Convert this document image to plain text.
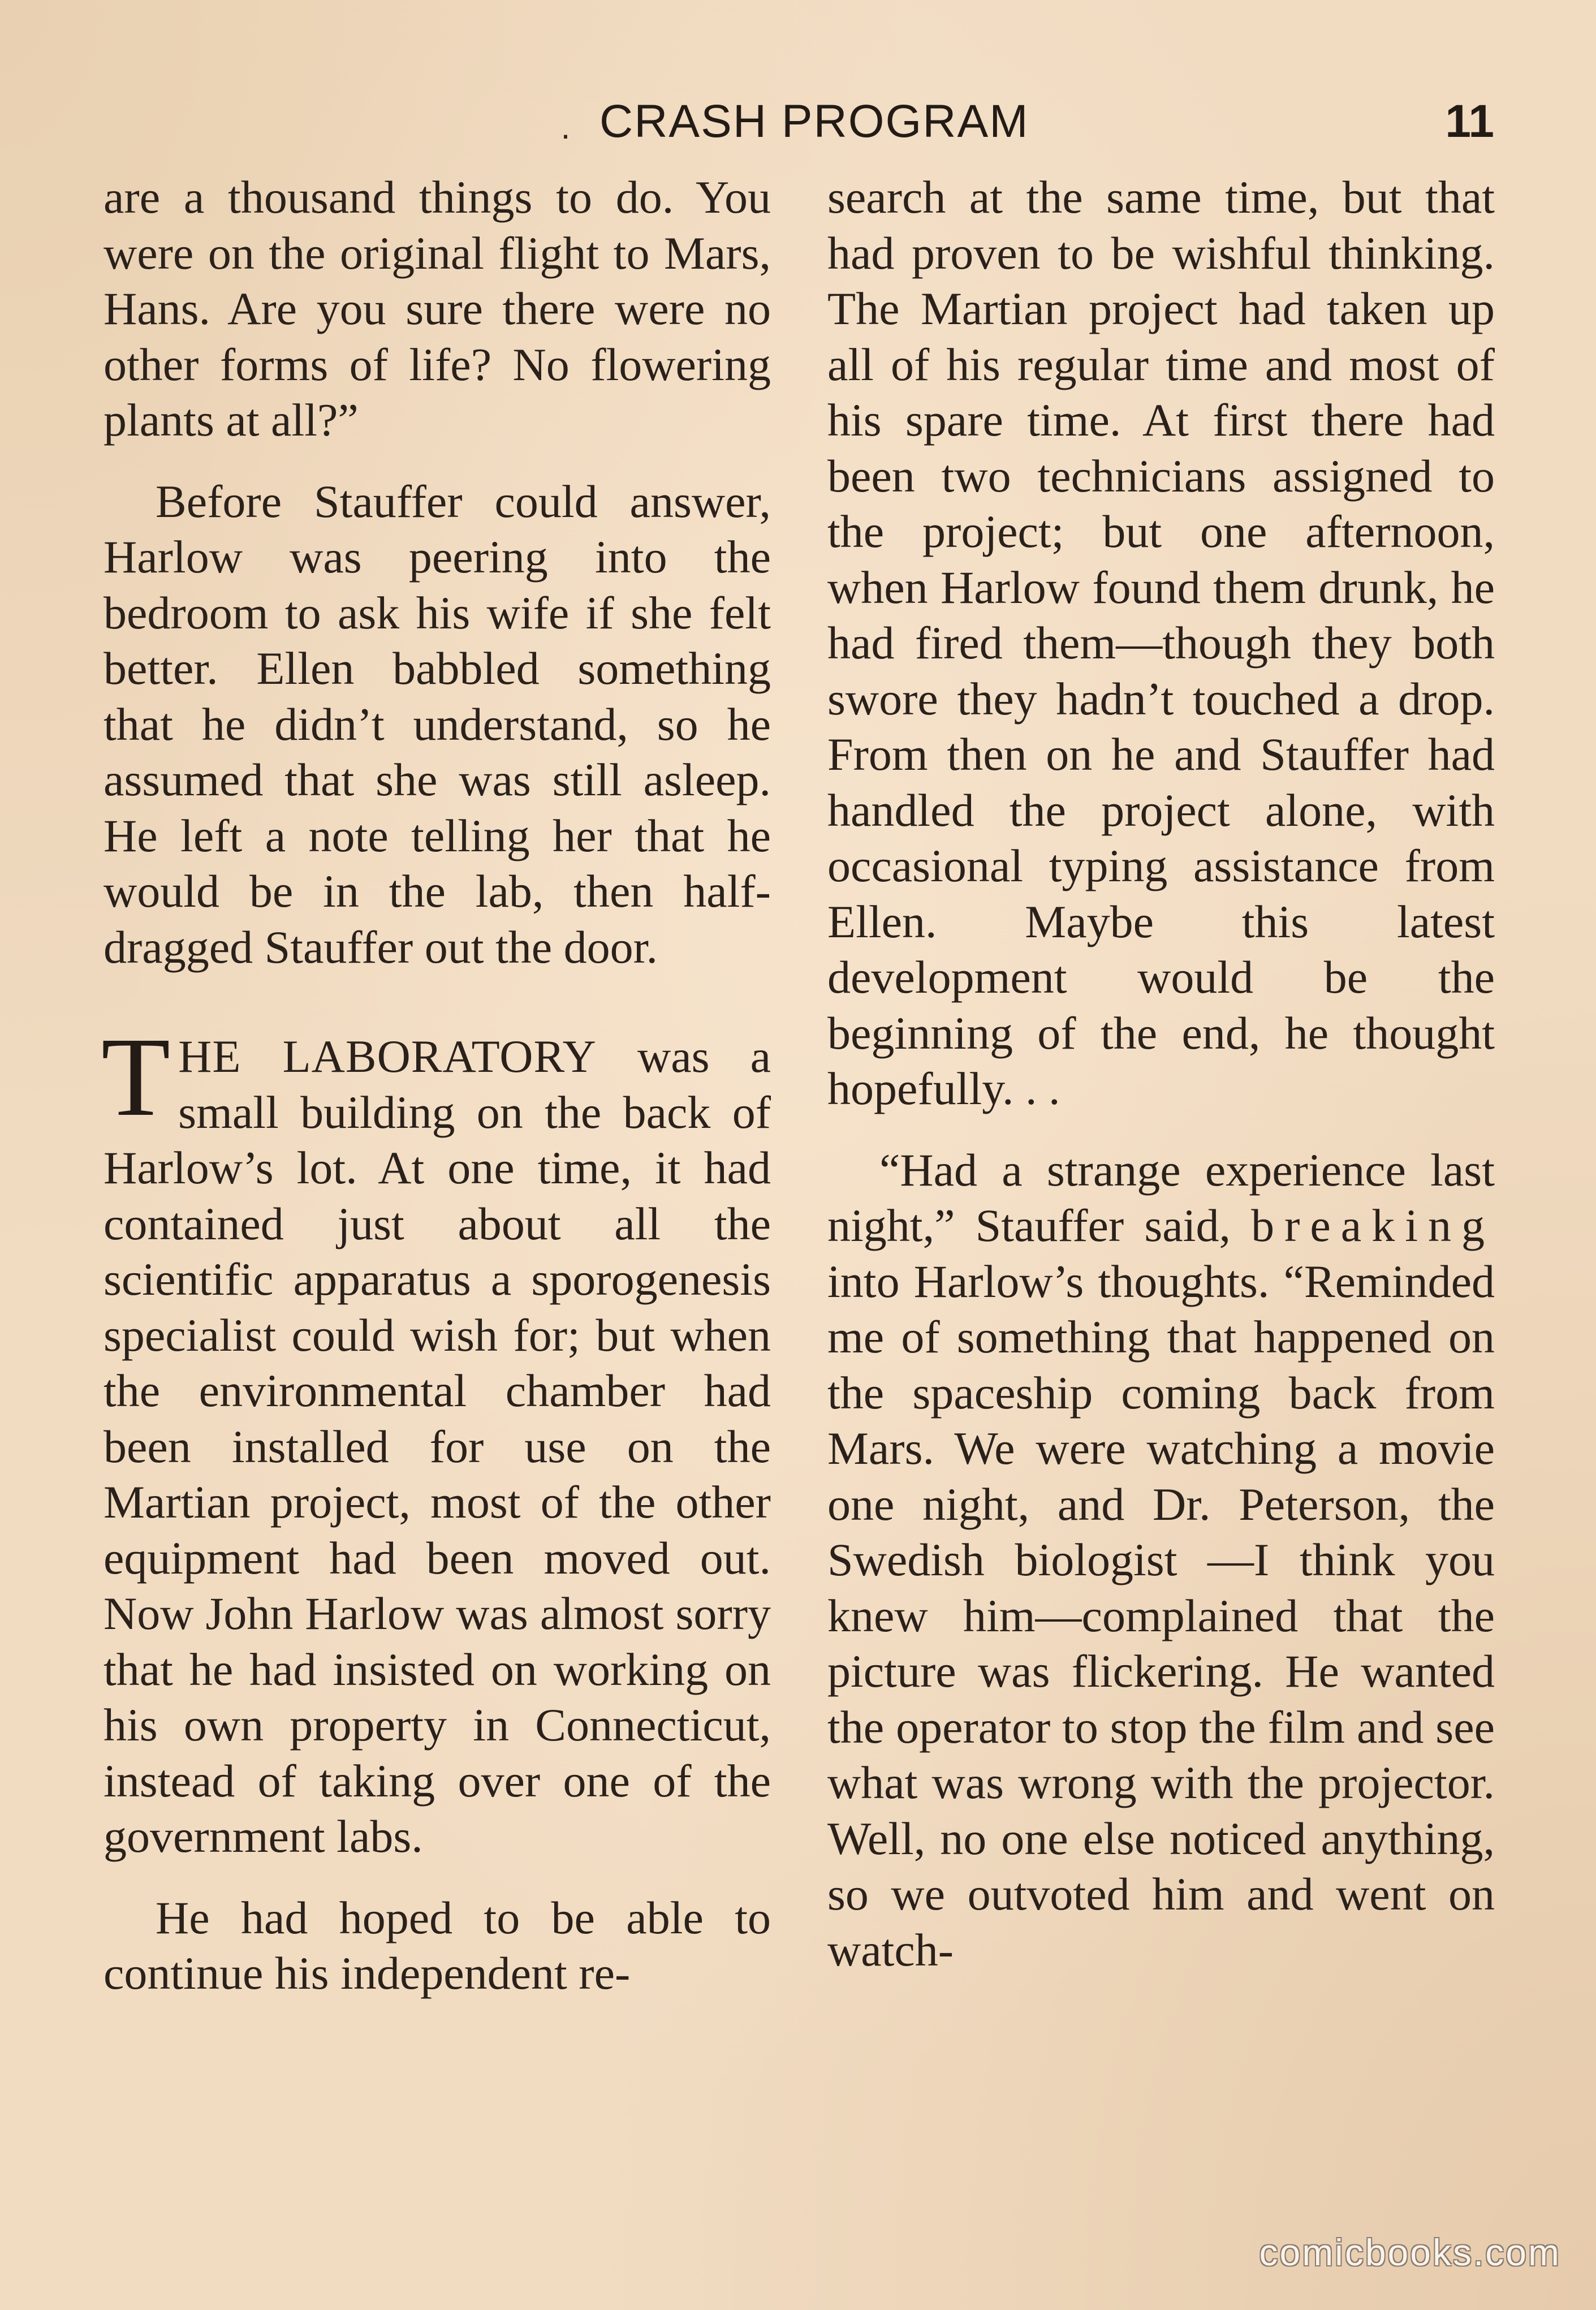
· CRASH PROGRAM	11

are a thousand things to do. You were on the original flight to Mars, Hans. Are you sure there were no other forms of life? No flowering plants at all?”

Before Stauffer could answer, Harlow was peering into the bedroom to ask his wife if she felt better. Ellen babbled something that he didn’t understand, so he assumed that she was still asleep. He left a note telling her that he would be in the lab, then half-dragged Stauffer out the door.

THE LABORATORY was a small building on the back of Harlow’s lot. At one time, it had contained just about all the scientific apparatus a sporogenesis specialist could wish for; but when the environmental chamber had been installed for use on the Martian project, most of the other equipment had been moved out. Now John Harlow was almost sorry that he had insisted on working on his own property in Connecticut, instead of taking over one of the government labs.

He had hoped to be able to continue his independent re-

search at the same time, but that had proven to be wishful thinking. The Martian project had taken up all of his regular time and most of his spare time. At first there had been two technicians assigned to the project; but one afternoon, when Harlow found them drunk, he had fired them—though they both swore they hadn’t touched a drop. From then on he and Stauffer had handled the project alone, with occasional typing assistance from Ellen. Maybe this latest development would be the beginning of the end, he thought hopefully. . .

“Had a strange experience last night,” Stauffer said, breaking into Harlow’s thoughts. “Reminded me of something that happened on the spaceship coming back from Mars. We were watching a movie one night, and Dr. Peterson, the Swedish biologist —I think you knew him—complained that the picture was flickering. He wanted the operator to stop the film and see what was wrong with the projector. Well, no one else noticed anything, so we outvoted him and went on watch-

comicbooks.com
